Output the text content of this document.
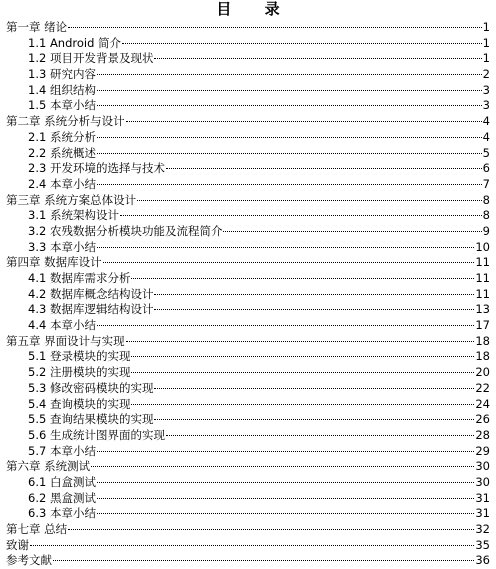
目 录
第一章 绪论	1
1.1 Android 简介	1
1.2 项目开发背景及现状	1
1.3 研究内容	2
1.4 组织结构	3
1.5 本章小结	3
第二章 系统分析与设计	4
2.1 系统分析	4
2.2 系统概述	5
2.3 开发环境的选择与技术	6
2.4 本章小结	7
第三章 系统方案总体设计	8
3.1 系统架构设计	8
3.2 农残数据分析模块功能及流程简介	9
3.3 本章小结	10
第四章 数据库设计	11
4.1 数据库需求分析	11
4.2 数据库概念结构设计	11
4.3 数据库逻辑结构设计	13
4.4 本章小结	17
第五章 界面设计与实现	18
5.1 登录模块的实现	18
5.2 注册模块的实现	20
5.3 修改密码模块的实现	22
5.4 查询模块的实现	24
5.5 查询结果模块的实现	26
5.6 生成统计图界面的实现	28
5.7 本章小结	29
第六章 系统测试	30
6.1 白盒测试	30
6.2 黑盒测试	31
6.3 本章小结	31
第七章 总结	32
致谢	35
参考文献	36
